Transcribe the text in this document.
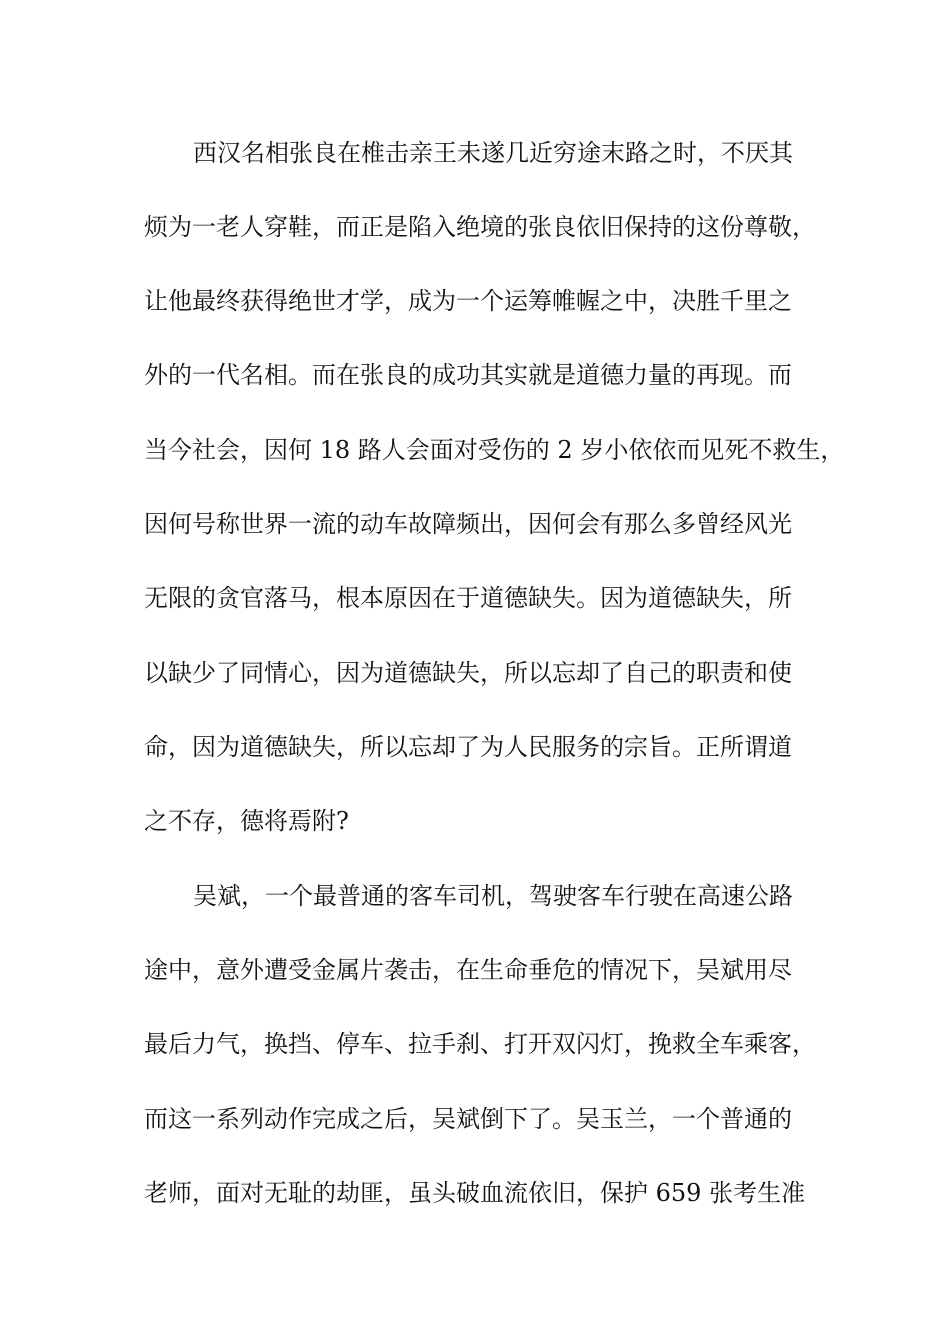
西汉名相张良在椎击亲王未遂几近穷途末路之时，不厌其
烦为一老人穿鞋，而正是陷入绝境的张良依旧保持的这份尊敬，
让他最终获得绝世才学，成为一个运筹帷幄之中，决胜千里之
外的一代名相。而在张良的成功其实就是道德力量的再现。而
当今社会，因何 18 路人会面对受伤的 2 岁小依依而见死不救生，
因何号称世界一流的动车故障频出，因何会有那么多曾经风光
无限的贪官落马，根本原因在于道德缺失。因为道德缺失，所
以缺少了同情心，因为道德缺失，所以忘却了自己的职责和使
命，因为道德缺失，所以忘却了为人民服务的宗旨。正所谓道
之不存，德将焉附?
吴斌，一个最普通的客车司机，驾驶客车行驶在高速公路
途中，意外遭受金属片袭击，在生命垂危的情况下，吴斌用尽
最后力气，换挡、停车、拉手刹、打开双闪灯，挽救全车乘客，
而这一系列动作完成之后，吴斌倒下了。吴玉兰，一个普通的
老师，面对无耻的劫匪，虽头破血流依旧，保护 659 张考生准
